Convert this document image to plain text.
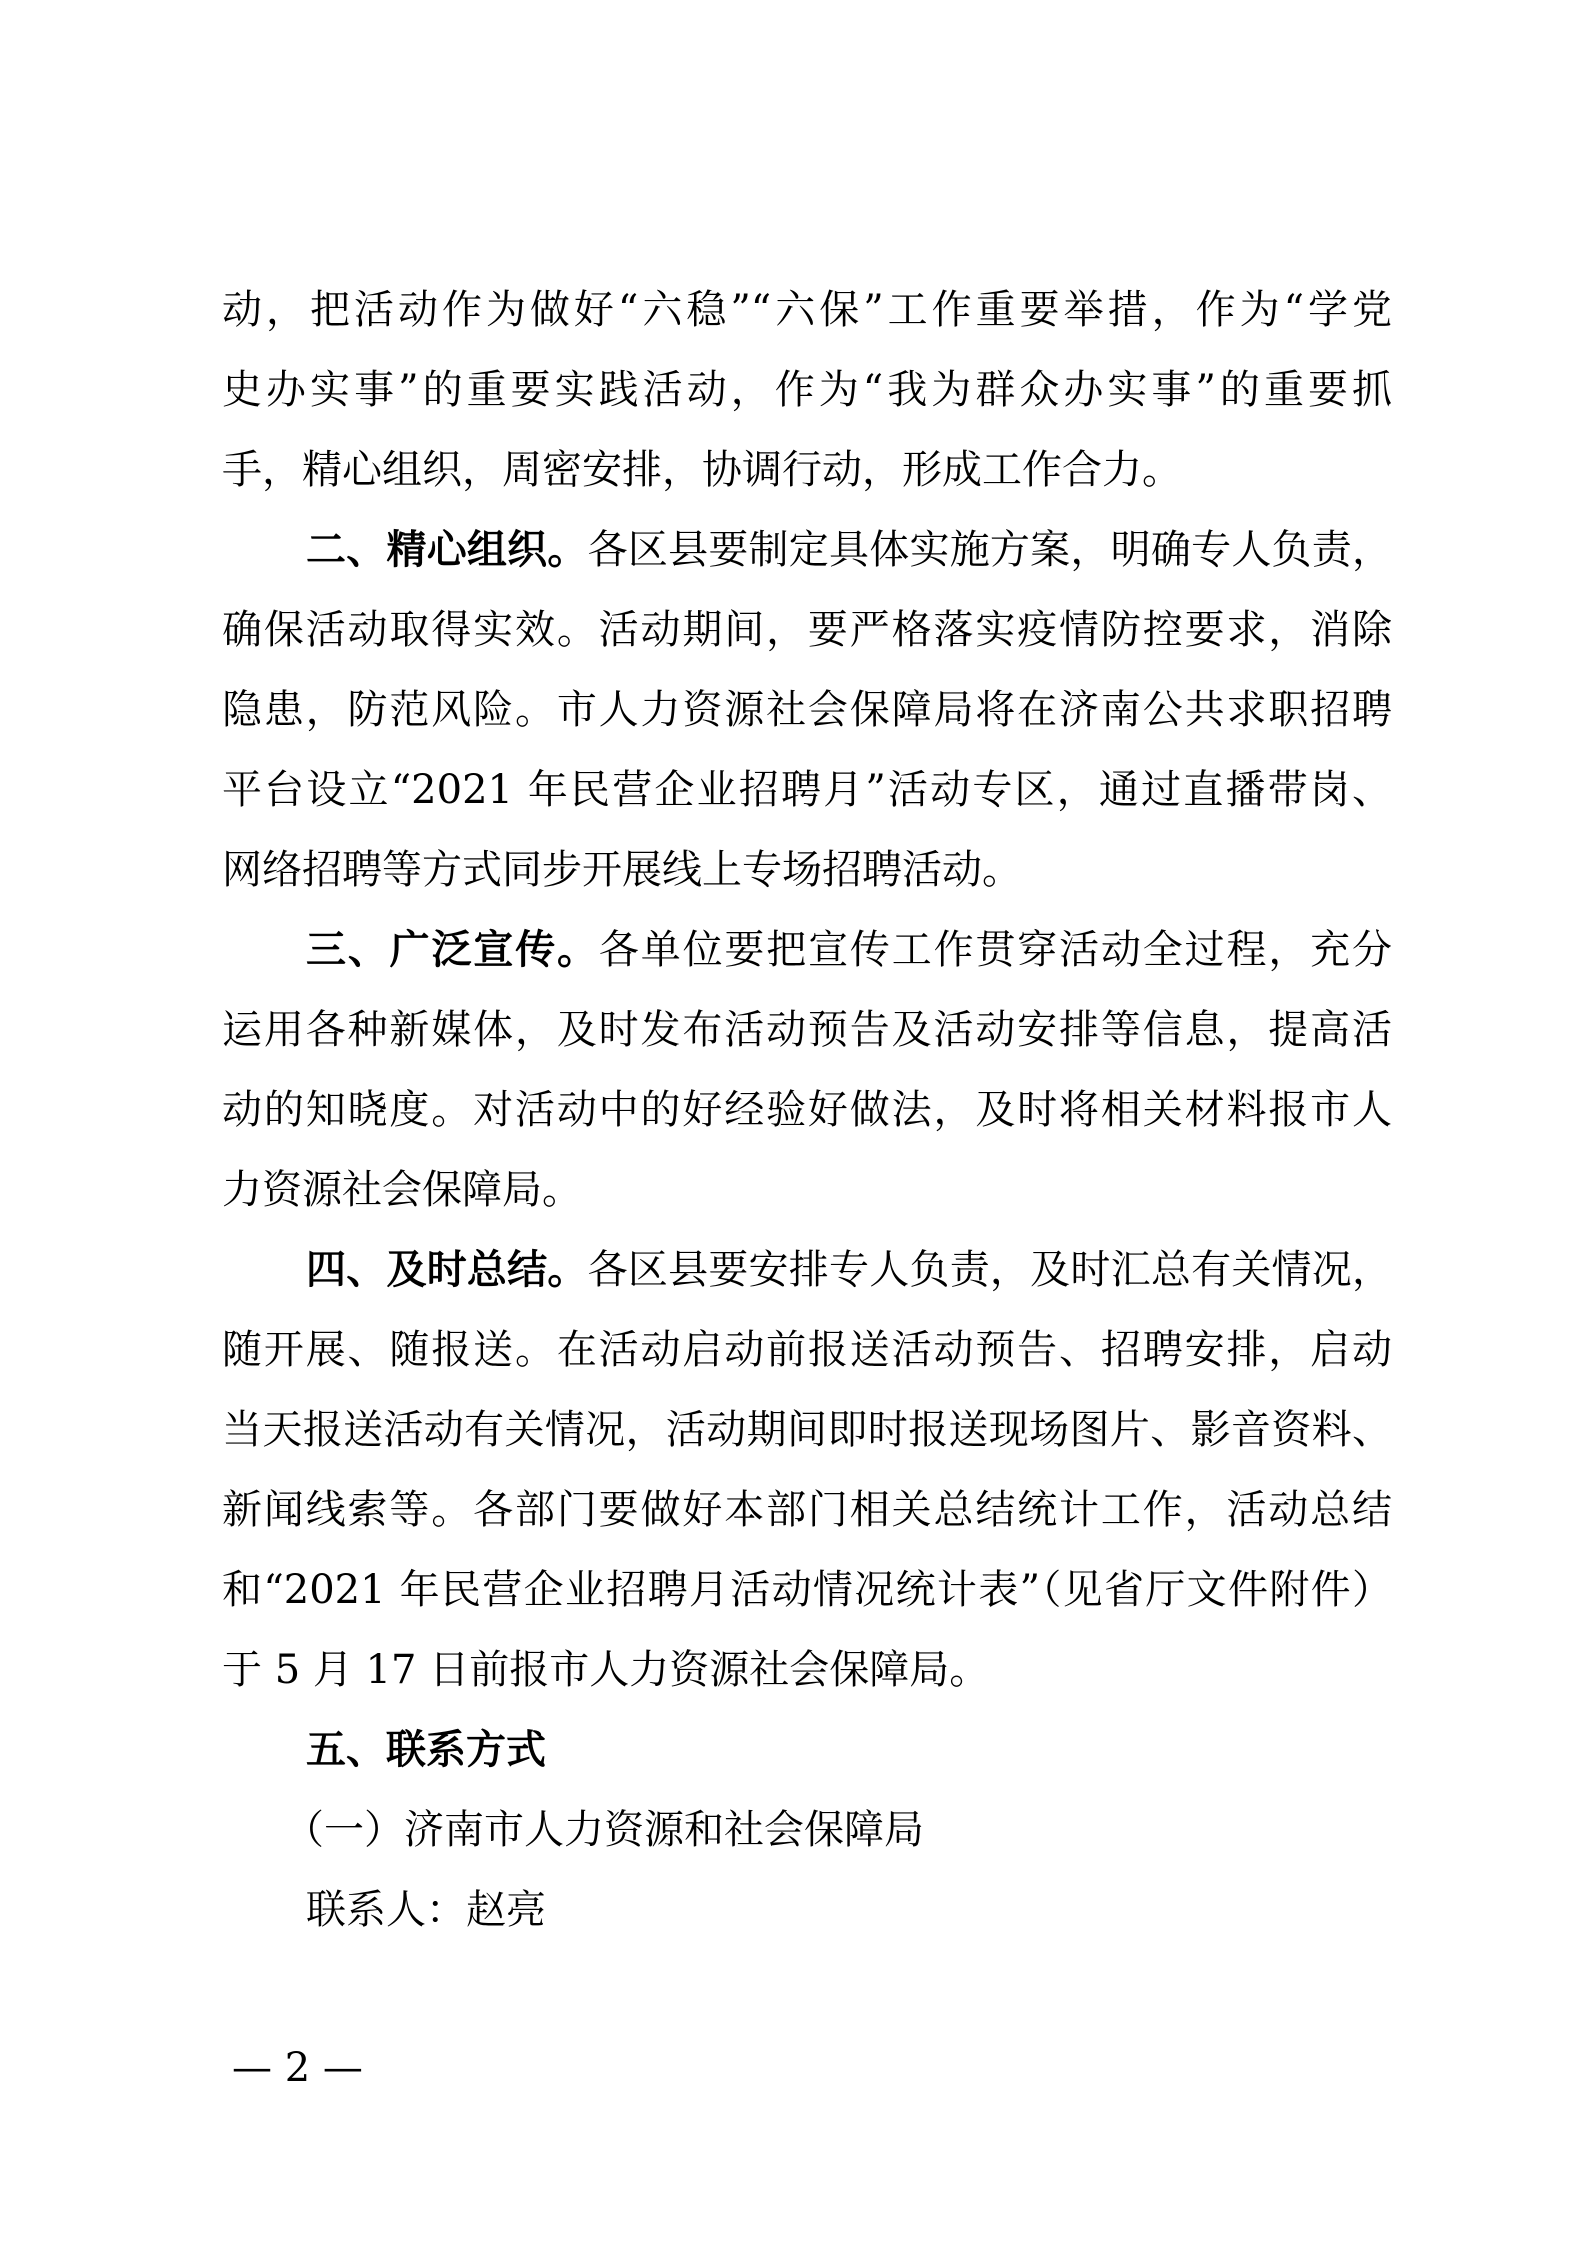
动，把活动作为做好“六稳”“六保”工作重要举措，作为“学党

史办实事”的重要实践活动，作为“我为群众办实事”的重要抓

手，精心组织，周密安排，协调行动，形成工作合力。

二、精心组织。各区县要制定具体实施方案，明确专人负责，

确保活动取得实效。活动期间，要严格落实疫情防控要求，消除

隐患，防范风险。市人力资源社会保障局将在济南公共求职招聘

平台设立“2021 年民营企业招聘月”活动专区，通过直播带岗、

网络招聘等方式同步开展线上专场招聘活动。

三、广泛宣传。各单位要把宣传工作贯穿活动全过程，充分

运用各种新媒体，及时发布活动预告及活动安排等信息，提高活

动的知晓度。对活动中的好经验好做法，及时将相关材料报市人

力资源社会保障局。

四、及时总结。各区县要安排专人负责，及时汇总有关情况，

随开展、随报送。在活动启动前报送活动预告、招聘安排，启动

当天报送活动有关情况，活动期间即时报送现场图片、影音资料、

新闻线索等。各部门要做好本部门相关总结统计工作，活动总结

和“2021 年民营企业招聘月活动情况统计表”（见省厅文件附件）

于 5 月 17 日前报市人力资源社会保障局。

五、联系方式

（一）济南市人力资源和社会保障局

联系人：赵亮

— 2 —
